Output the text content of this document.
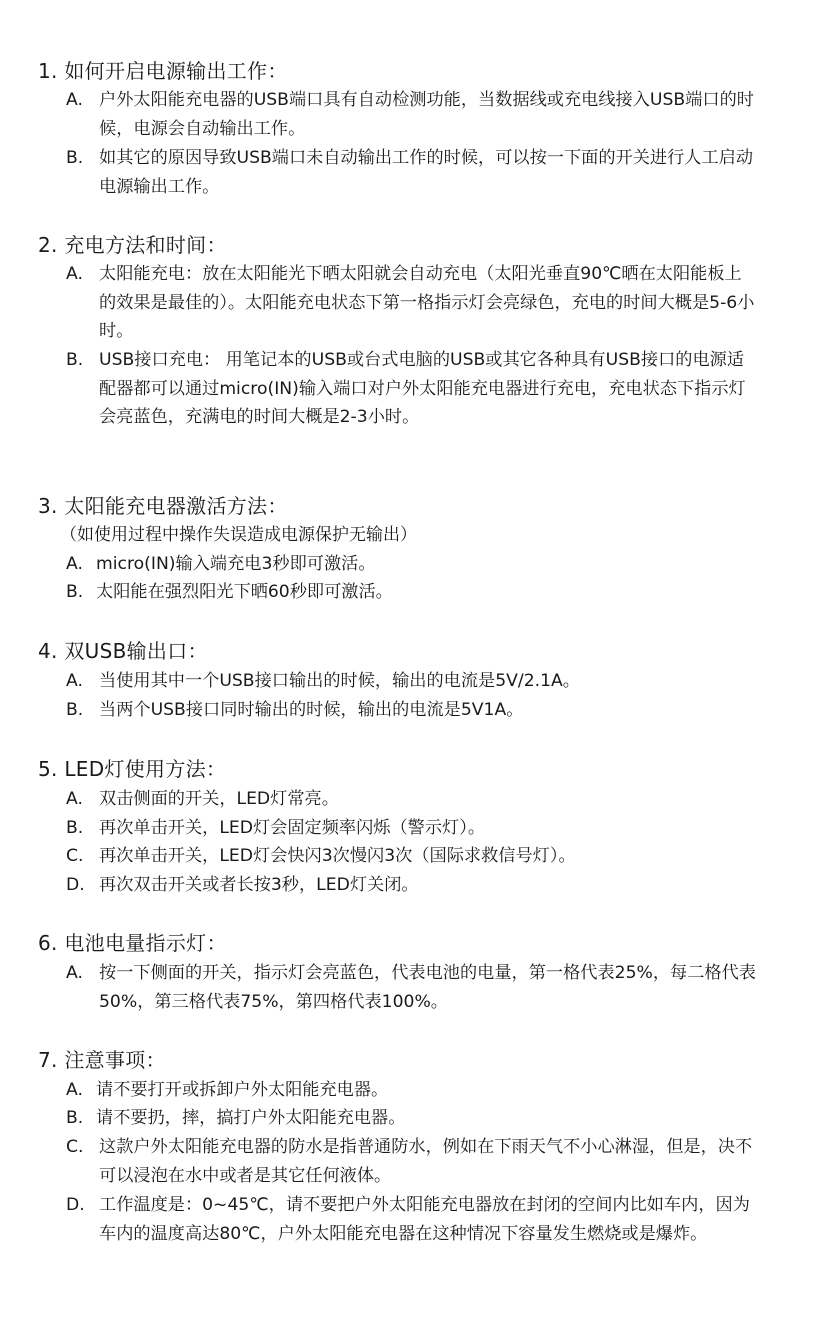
1. 如何开启电源输出工作：
A. 户外太阳能充电器的USB端口具有自动检测功能，当数据线或充电线接入USB端口的时候，电源会自动输出工作。
B. 如其它的原因导致USB端口未自动输出工作的时候，可以按一下面的开关进行人工启动电源输出工作。
2. 充电方法和时间：
A. 太阳能充电：放在太阳能光下晒太阳就会自动充电（太阳光垂直90℃晒在太阳能板上的效果是最佳的）。太阳能充电状态下第一格指示灯会亮绿色，充电的时间大概是5-6小时。
B. USB接口充电： 用笔记本的USB或台式电脑的USB或其它各种具有USB接口的电源适配器都可以通过micro(IN)输入端口对户外太阳能充电器进行充电，充电状态下指示灯会亮蓝色，充满电的时间大概是2-3小时。
3. 太阳能充电器激活方法：
（如使用过程中操作失误造成电源保护无输出）
A. micro(IN)输入端充电3秒即可激活。
B. 太阳能在强烈阳光下晒60秒即可激活。
4. 双USB输出口：
A. 当使用其中一个USB接口输出的时候，输出的电流是5V/2.1A。
B. 当两个USB接口同时输出的时候，输出的电流是5V1A。
5. LED灯使用方法：
A. 双击侧面的开关，LED灯常亮。
B. 再次单击开关，LED灯会固定频率闪烁（警示灯）。
C. 再次单击开关，LED灯会快闪3次慢闪3次（国际求救信号灯）。
D. 再次双击开关或者长按3秒，LED灯关闭。
6. 电池电量指示灯：
A. 按一下侧面的开关，指示灯会亮蓝色，代表电池的电量，第一格代表25%，每二格代表50%，第三格代表75%，第四格代表100%。
7. 注意事项：
A. 请不要打开或拆卸户外太阳能充电器。
B. 请不要扔，摔，搞打户外太阳能充电器。
C. 这款户外太阳能充电器的防水是指普通防水，例如在下雨天气不小心淋湿，但是，决不可以浸泡在水中或者是其它任何液体。
D. 工作温度是：0~45℃，请不要把户外太阳能充电器放在封闭的空间内比如车内，因为车内的温度高达80℃，户外太阳能充电器在这种情况下容量发生燃烧或是爆炸。
